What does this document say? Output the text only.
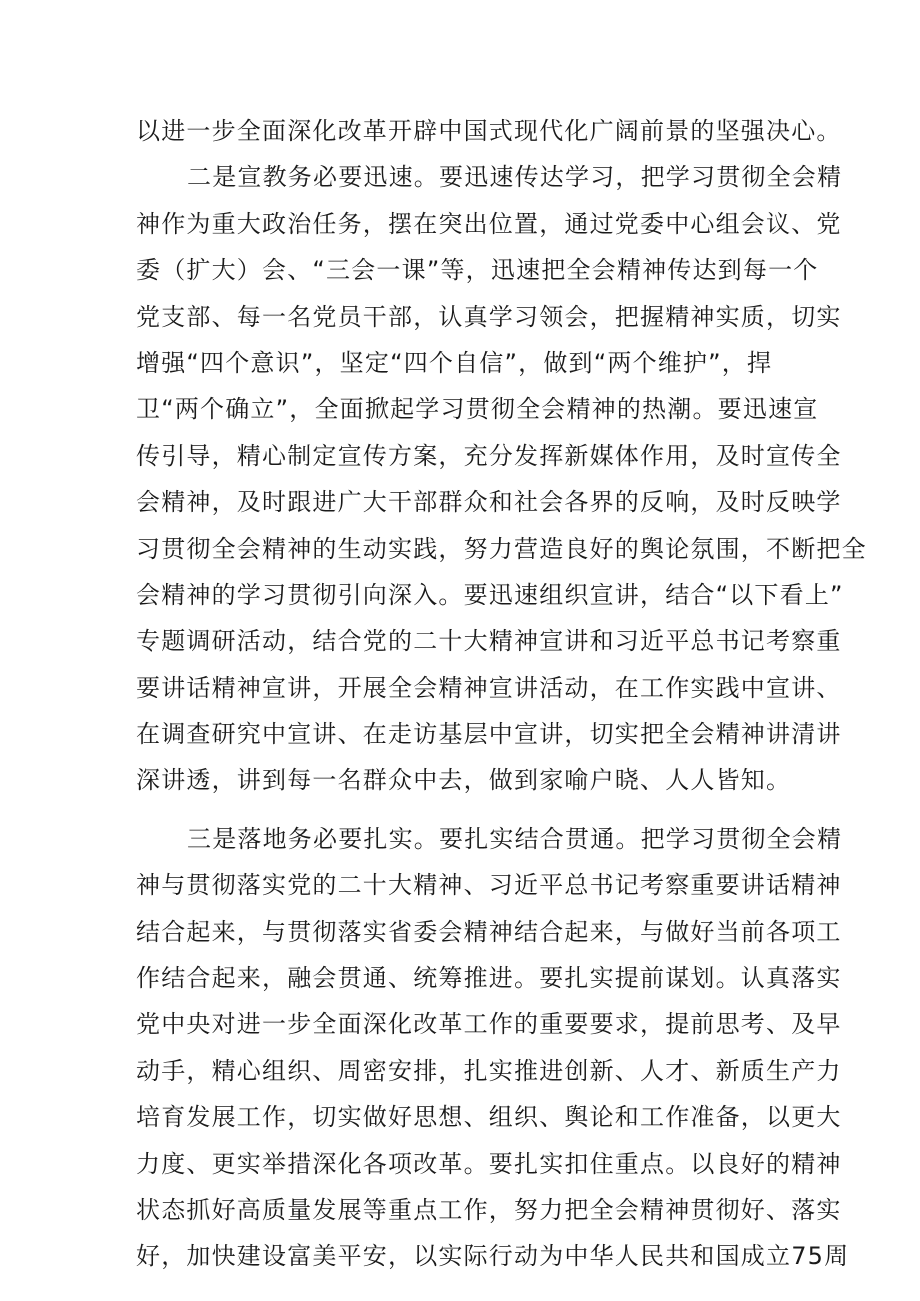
以进一步全面深化改革开辟中国式现代化广阔前景的坚强决心。
二是宣教务必要迅速。要迅速传达学习，把学习贯彻全会精
神作为重大政治任务，摆在突出位置，通过党委中心组会议、党
委（扩大）会、“三会一课”等，迅速把全会精神传达到每一个
党支部、每一名党员干部，认真学习领会，把握精神实质，切实
增强“四个意识”，坚定“四个自信”，做到“两个维护”，捍
卫“两个确立”，全面掀起学习贯彻全会精神的热潮。要迅速宣
传引导，精心制定宣传方案，充分发挥新媒体作用，及时宣传全
会精神，及时跟进广大干部群众和社会各界的反响，及时反映学
习贯彻全会精神的生动实践，努力营造良好的舆论氛围，不断把全
会精神的学习贯彻引向深入。要迅速组织宣讲，结合“以下看上”
专题调研活动，结合党的二十大精神宣讲和习近平总书记考察重
要讲话精神宣讲，开展全会精神宣讲活动，在工作实践中宣讲、
在调查研究中宣讲、在走访基层中宣讲，切实把全会精神讲清讲
深讲透，讲到每一名群众中去，做到家喻户晓、人人皆知。
三是落地务必要扎实。要扎实结合贯通。把学习贯彻全会精
神与贯彻落实党的二十大精神、习近平总书记考察重要讲话精神
结合起来，与贯彻落实省委会精神结合起来，与做好当前各项工
作结合起来，融会贯通、统筹推进。要扎实提前谋划。认真落实
党中央对进一步全面深化改革工作的重要要求，提前思考、及早
动手，精心组织、周密安排，扎实推进创新、人才、新质生产力
培育发展工作，切实做好思想、组织、舆论和工作准备，以更大
力度、更实举措深化各项改革。要扎实扣住重点。以良好的精神
状态抓好高质量发展等重点工作，努力把全会精神贯彻好、落实
好，加快建设富美平安，以实际行动为中华人民共和国成立75周
